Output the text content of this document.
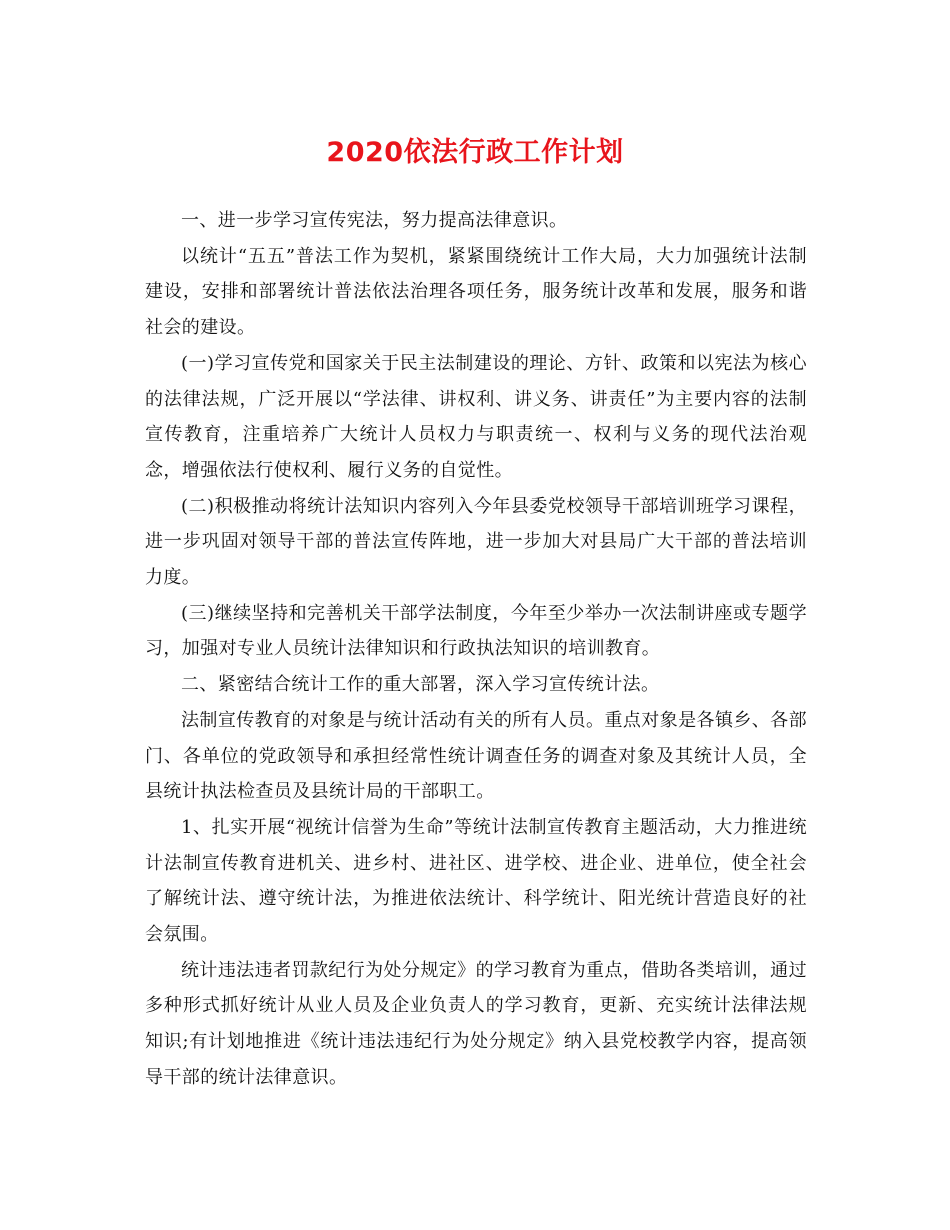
2020依法行政工作计划

一、进一步学习宣传宪法，努力提高法律意识。

以统计“五五”普法工作为契机，紧紧围绕统计工作大局，大力加强统计法制建设，安排和部署统计普法依法治理各项任务，服务统计改革和发展，服务和谐社会的建设。

(一)学习宣传党和国家关于民主法制建设的理论、方针、政策和以宪法为核心的法律法规，广泛开展以“学法律、讲权利、讲义务、讲责任”为主要内容的法制宣传教育，注重培养广大统计人员权力与职责统一、权利与义务的现代法治观念，增强依法行使权利、履行义务的自觉性。

(二)积极推动将统计法知识内容列入今年县委党校领导干部培训班学习课程，进一步巩固对领导干部的普法宣传阵地，进一步加大对县局广大干部的普法培训力度。

(三)继续坚持和完善机关干部学法制度，今年至少举办一次法制讲座或专题学习，加强对专业人员统计法律知识和行政执法知识的培训教育。

二、紧密结合统计工作的重大部署，深入学习宣传统计法。

法制宣传教育的对象是与统计活动有关的所有人员。重点对象是各镇乡、各部门、各单位的党政领导和承担经常性统计调查任务的调查对象及其统计人员，全县统计执法检查员及县统计局的干部职工。

1、扎实开展“视统计信誉为生命”等统计法制宣传教育主题活动，大力推进统计法制宣传教育进机关、进乡村、进社区、进学校、进企业、进单位，使全社会了解统计法、遵守统计法，为推进依法统计、科学统计、阳光统计营造良好的社会氛围。

统计违法违者罚款纪行为处分规定》的学习教育为重点，借助各类培训，通过多种形式抓好统计从业人员及企业负责人的学习教育，更新、充实统计法律法规知识;有计划地推进《统计违法违纪行为处分规定》纳入县党校教学内容，提高领导干部的统计法律意识。
